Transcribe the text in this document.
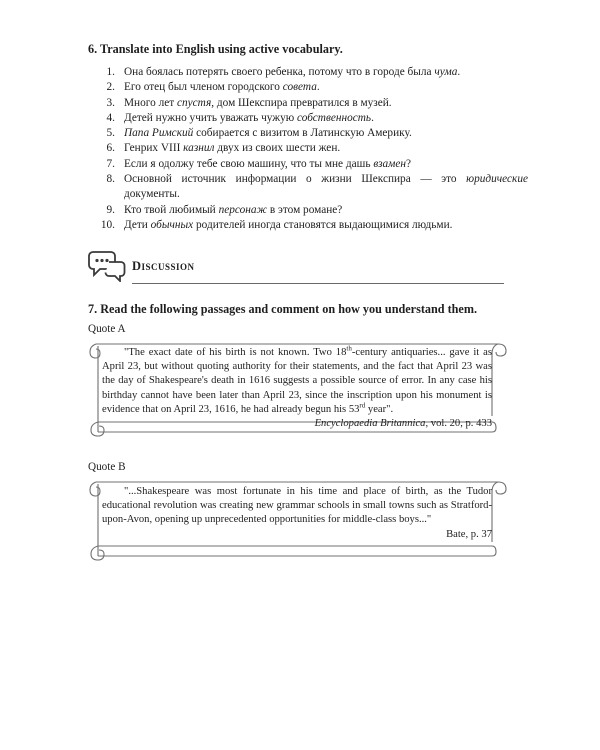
6. Translate into English using active vocabulary.
1. Она боялась потерять своего ребенка, потому что в городе была чума.
2. Его отец был членом городского совета.
3. Много лет спустя, дом Шекспира превратился в музей.
4. Детей нужно учить уважать чужую собственность.
5. Папа Римский собирается с визитом в Латинскую Америку.
6. Генрих VIII казнил двух из своих шести жен.
7. Если я одолжу тебе свою машину, что ты мне дашь взамен?
8. Основной источник информации о жизни Шекспира — это юридические документы.
9. Кто твой любимый персонаж в этом романе?
10. Дети обычных родителей иногда становятся выдающимися людьми.
Discussion
7. Read the following passages and comment on how you understand them.
Quote A

"The exact date of his birth is not known. Two 18th-century antiquaries... gave it as April 23, but without quoting authority for their statements, and the fact that April 23 was the day of Shakespeare's death in 1616 suggests a possible source of error. In any case his birthday cannot have been later than April 23, since the inscription upon his monument is evidence that on April 23, 1616, he had already begun his 53rd year".

Encyclopaedia Britannica, vol. 20, p. 433
Quote B

"...Shakespeare was most fortunate in his time and place of birth, as the Tudor educational revolution was creating new grammar schools in small towns such as Stratford-upon-Avon, opening up unprecedented opportunities for middle-class boys..."

Bate, p. 37
